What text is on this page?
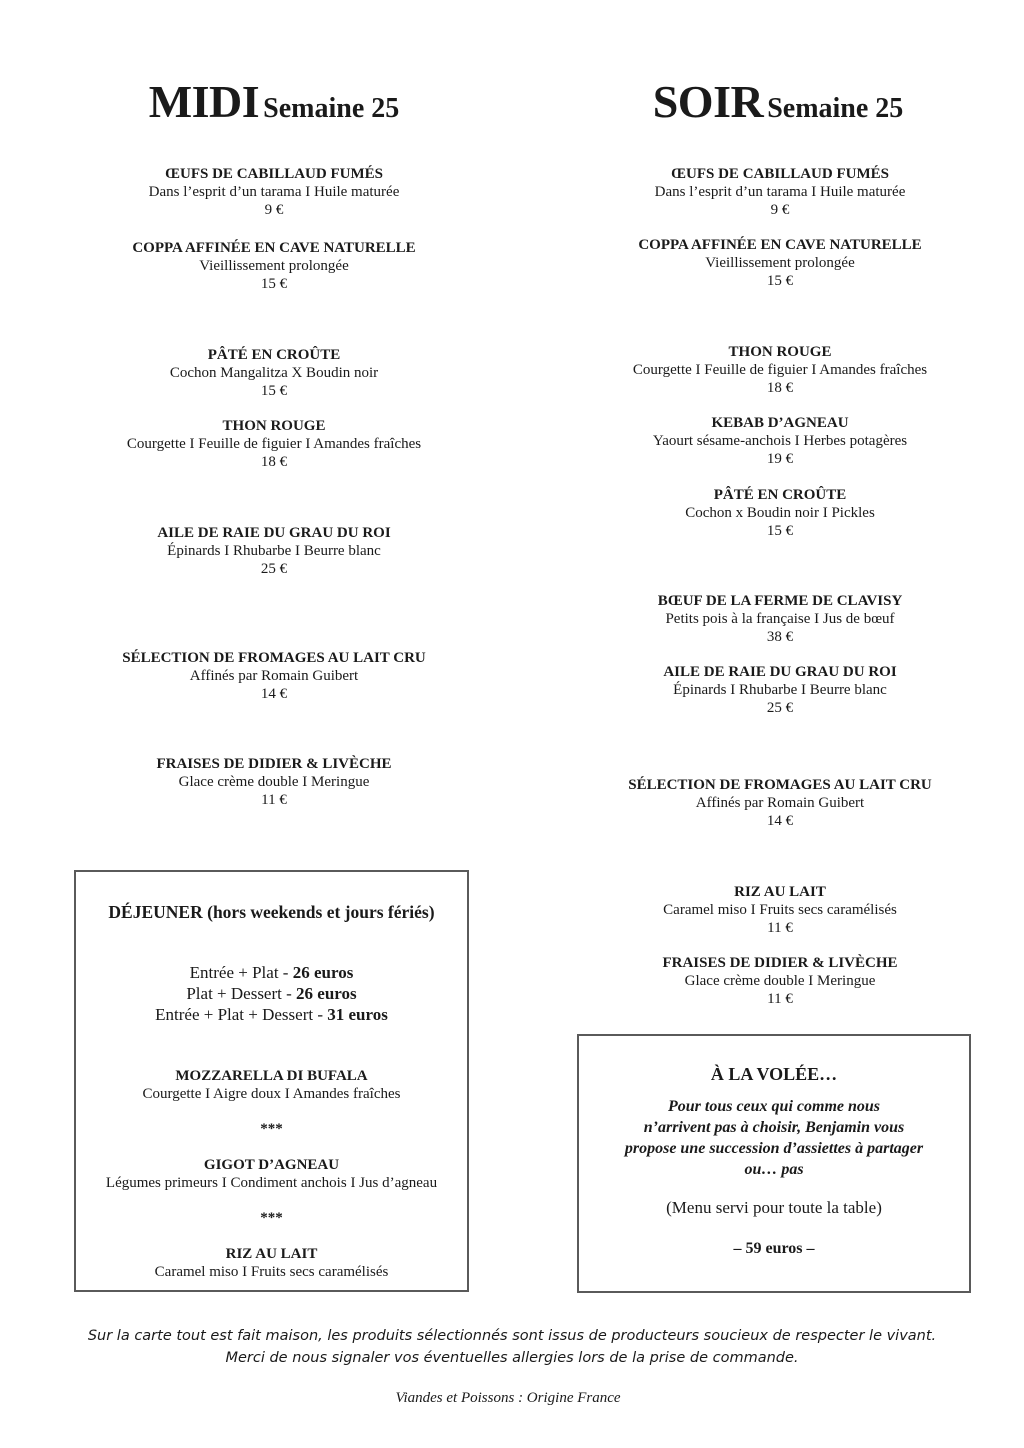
MIDI Semaine 25	SOIR Semaine 25
ŒUFS DE CABILLAUD FUMÉS
Dans l’esprit d’un tarama I Huile maturée
9 €
COPPA AFFINÉE EN CAVE NATURELLE
Vieillissement prolongée
15 €
PÂTÉ EN CROÛTE
Cochon Mangalitza X Boudin noir
15 €
THON ROUGE
Courgette I Feuille de figuier I Amandes fraîches
18 €
AILE DE RAIE DU GRAU DU ROI
Épinards I Rhubarbe I Beurre blanc
25 €
SÉLECTION DE FROMAGES AU LAIT CRU
Affinés par Romain Guibert
14 €
FRAISES DE DIDIER & LIVÈCHE
Glace crème double I Meringue
11 €
ŒUFS DE CABILLAUD FUMÉS
Dans l’esprit d’un tarama I Huile maturée
9 €
COPPA AFFINÉE EN CAVE NATURELLE
Vieillissement prolongée
15 €
THON ROUGE
Courgette I Feuille de figuier I Amandes fraîches
18 €
KEBAB D’AGNEAU
Yaourt sésame-anchois I Herbes potagères
19 €
PÂTÉ EN CROÛTE
Cochon x Boudin noir I Pickles
15 €
BŒUF DE LA FERME DE CLAVISY
Petits pois à la française I Jus de bœuf
38 €
AILE DE RAIE DU GRAU DU ROI
Épinards I Rhubarbe I Beurre blanc
25 €
SÉLECTION DE FROMAGES AU LAIT CRU
Affinés par Romain Guibert
14 €
RIZ AU LAIT
Caramel miso I Fruits secs caramélisés
11 €
FRAISES DE DIDIER & LIVÈCHE
Glace crème double I Meringue
11 €
DÉJEUNER (hors weekends et jours fériés)
Entrée + Plat - 26 euros
Plat + Dessert - 26 euros
Entrée + Plat + Dessert - 31 euros
MOZZARELLA DI BUFALA
Courgette I Aigre doux I Amandes fraîches
***
GIGOT D’AGNEAU
Légumes primeurs I Condiment anchois I Jus d’agneau
***
RIZ AU LAIT
Caramel miso I Fruits secs caramélisés
À LA VOLÉE…
Pour tous ceux qui comme nous
n’arrivent pas à choisir, Benjamin vous
propose une succession d’assiettes à partager
ou… pas
(Menu servi pour toute la table)
– 59 euros –
Sur la carte tout est fait maison, les produits sélectionnés sont issus de producteurs soucieux de respecter le vivant.
Merci de nous signaler vos éventuelles allergies lors de la prise de commande.
Viandes et Poissons : Origine France
